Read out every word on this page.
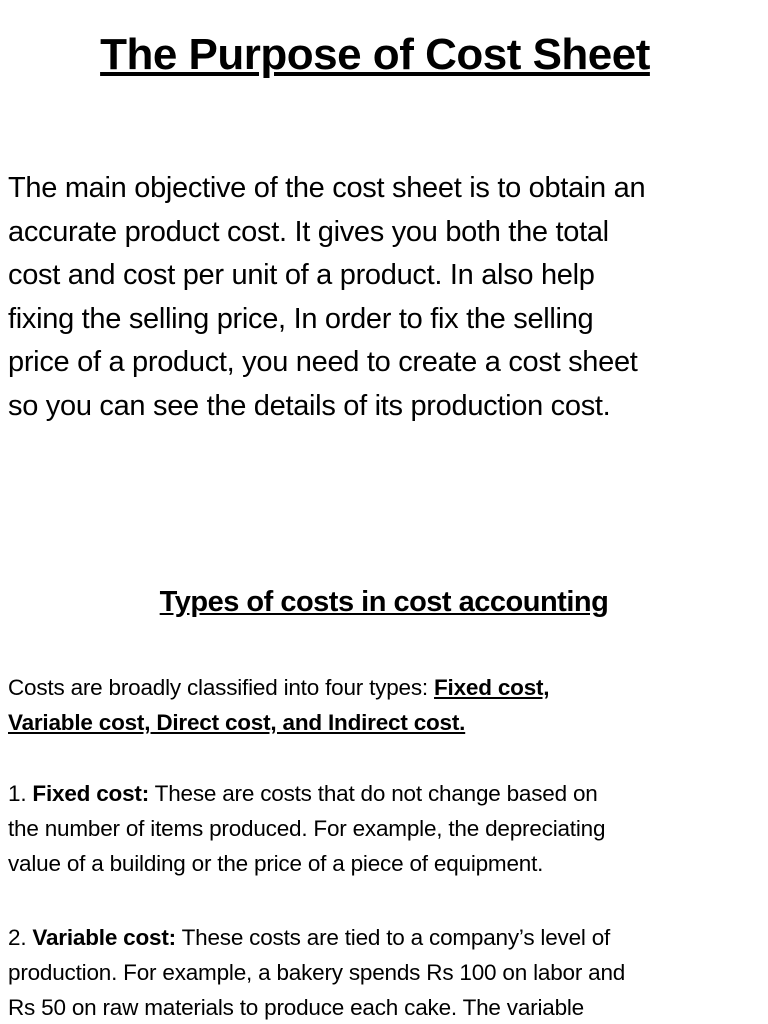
The Purpose of Cost Sheet
The main objective of the cost sheet is to obtain an
accurate product cost. It gives you both the total
cost and cost per unit of a product. In also help
fixing the selling price, In order to fix the selling
price of a product, you need to create a cost sheet
so you can see the details of its production cost.
Types of costs in cost accounting
Costs are broadly classified into four types: Fixed cost,
Variable cost, Direct cost, and Indirect cost.
1. Fixed cost: These are costs that do not change based on
the number of items produced. For example, the depreciating
value of a building or the price of a piece of equipment.
2. Variable cost: These costs are tied to a company’s level of
production. For example, a bakery spends Rs 100 on labor and
Rs 50 on raw materials to produce each cake. The variable
